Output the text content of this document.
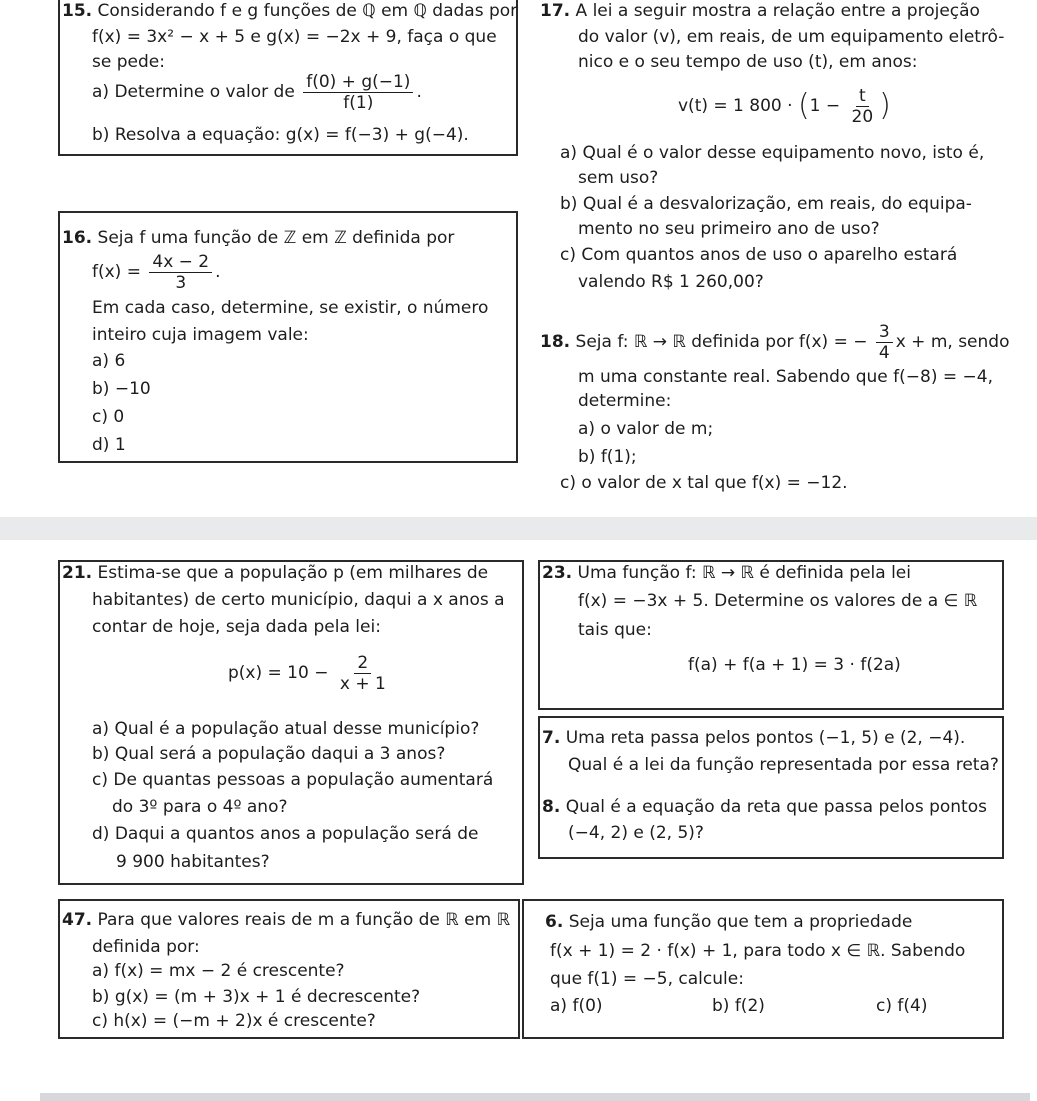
15. Considerando f e g funções de ℚ em ℚ dadas por
f(x) = 3x² − x + 5 e g(x) = −2x + 9, faça o que
se pede:
a) Determine o valor de $\frac{f(0) + g(-1)}{f(1)}$ .
b) Resolva a equação: g(x) = f(−3) + g(−4).
16. Seja f uma função de ℤ em ℤ definida por
$f(x) = \frac{4x - 2}{3}$ .
Em cada caso, determine, se existir, o número
inteiro cuja imagem vale:
a) 6
b) −10
c) 0
d) 1
17. A lei a seguir mostra a relação entre a projeção
do valor (v), em reais, de um equipamento eletrô-
nico e o seu tempo de uso (t), em anos:
v(t) = 1 $800 \cdot (1 - \frac{t}{20}$ )
a) Qual é o valor desse equipamento novo, isto é,
sem uso?
b) Qual é a desvalorização, em reais, do equipa-
mento no seu primeiro ano de uso?
c) Com quantos anos de uso o aparelho estará
valendo R$ 1 260,00?
18. Seja f: ℝ → ℝ definida por f(x) = − $\frac{3}{4}$ x + m, sendo
m uma constante real. Sabendo que f(−8) = −4,
determine:
a) o valor de m;
b) f(1);
c) o valor de x tal que f(x) = −12.
21. Estima-se que a população p (em milhares de
habitantes) de certo município, daqui a x anos a
contar de hoje, seja dada pela lei:
$p(x) = 10 - \frac{2}{x + 1}$
a) Qual é a população atual desse município?
b) Qual será a população daqui a 3 anos?
c) De quantas pessoas a população aumentará
do 3º para o 4º ano?
d) Daqui a quantos anos a população será de
9 900 habitantes?
23. Uma função f: ℝ → ℝ é definida pela lei
f(x) = −3x + 5. Determine os valores de a ∈ ℝ
tais que:
f(a) + f(a + 1) = 3 · f(2a)
7. Uma reta passa pelos pontos (−1, 5) e (2, −4).
Qual é a lei da função representada por essa reta?
8. Qual é a equação da reta que passa pelos pontos
(−4, 2) e (2, 5)?
47. Para que valores reais de m a função de ℝ em ℝ
definida por:
a) f(x) = mx − 2 é crescente?
b) g(x) = (m + 3)x + 1 é decrescente?
c) h(x) = (−m + 2)x é crescente?
6. Seja uma função que tem a propriedade
f(x + 1) = 2 · f(x) + 1, para todo x ∈ ℝ. Sabendo
que f(1) = −5, calcule:
a) f(0)	b) f(2)	c) f(4)
